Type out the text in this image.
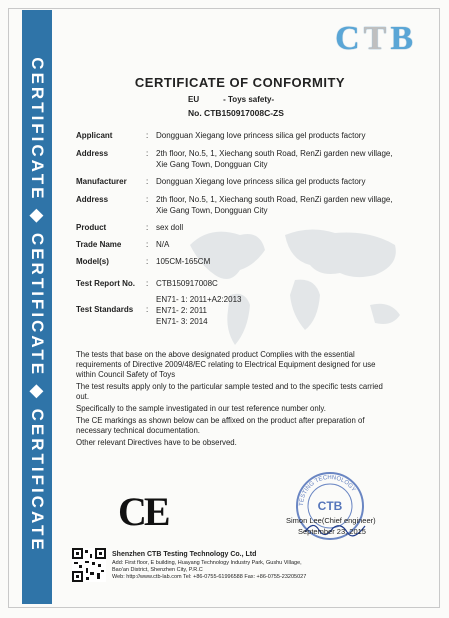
CERTIFICATE ◆ CERTIFICATE ◆ CERTIFICATE
C T B
CERTIFICATE OF CONFORMITY
EU	- Toys safety-
No. CTB150917008C-ZS
Applicant	: Dongguan Xiegang love princess silica gel products factory
Address	: 2th floor, No.5, 1, Xiechang south Road, RenZi garden new village, Xie Gang Town, Dongguan City
Manufacturer	: Dongguan Xiegang love princess silica gel products factory
Address	: 2th floor, No.5, 1, Xiechang south Road, RenZi garden new village, Xie Gang Town, Dongguan City
Product	: sex doll
Trade Name	: N/A
Model(s)	: 105CM-165CM
Test Report No.	: CTB150917008C
Test Standards	:
EN71- 1: 2011+A2:2013
EN71- 2: 2011
EN71- 3: 2014

The tests that base on the above designated product Complies with the essential requirements of Directive 2009/48/EC relating to Electrical Equipment designed for use within Council Safety of Toys

The test results apply only to the particular sample tested and to the specific tests carried out.

Specifically to the sample investigated in our test reference number only.

The CE markings as shown below can be affixed on the product after preparation of necessary technical documentation.

Other relevant Directives have to be observed.

CE	TESTING TECHNOLOGY
CTB
Simon Lee(Chief engineer)
September 23, 2015
Shenzhen CTB Testing Technology Co., Ltd
Add: First floor, E building, Huayang Technology Industry Park, Gushu Village,
Bao'an District, Shenzhen City, P.R.C
Web: http://www.ctb-lab.com Tel: +86-0755-61996588 Fax: +86-0755-23205027
